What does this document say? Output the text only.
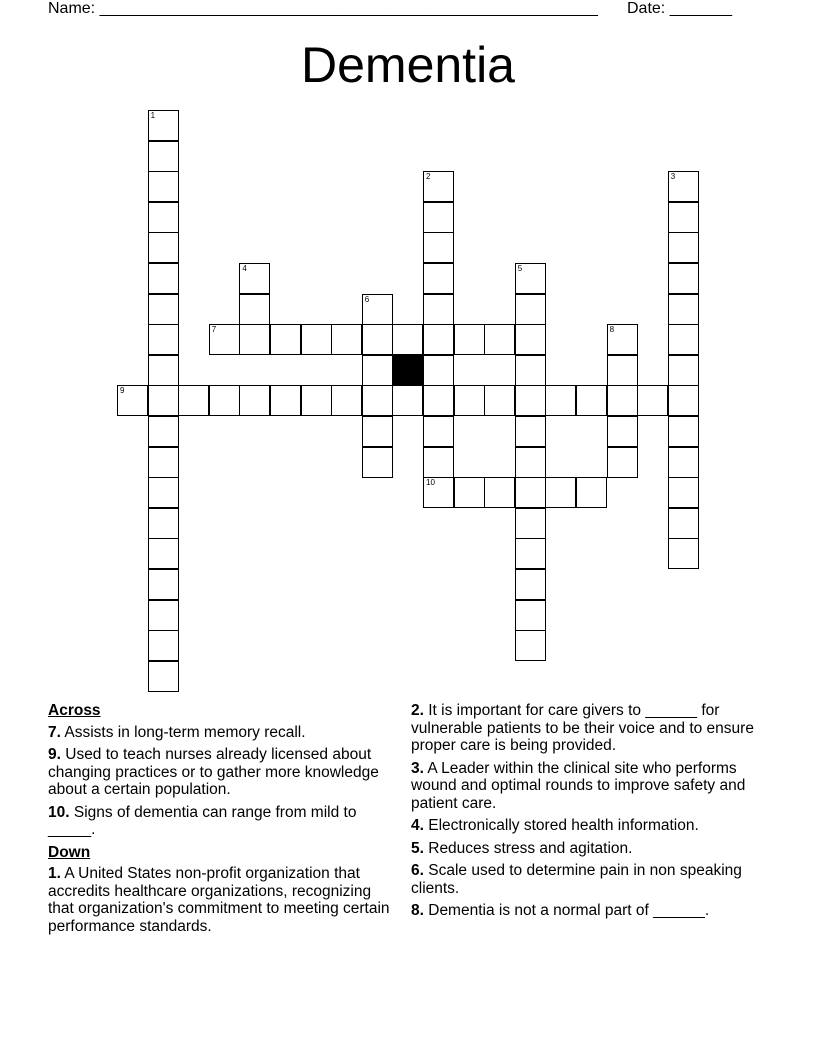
Name: ________________________________________________________ Date: _______
Dementia
1
2
10
3
4	5
6
7	8
9
Across
7. Assists in long-term memory recall.
9. Used to teach nurses already licensed about changing practices or to gather more knowledge about a certain population.
10. Signs of dementia can range from mild to _____.
Down
1. A United States non-profit organization that accredits healthcare organizations, recognizing that organization's commitment to meeting certain performance standards.
2. It is important for care givers to ______ for vulnerable patients to be their voice and to ensure proper care is being provided.
3. A Leader within the clinical site who performs wound and optimal rounds to improve safety and patient care.
4. Electronically stored health information.
5. Reduces stress and agitation.
6. Scale used to determine pain in non speaking clients.
8. Dementia is not a normal part of ______.
